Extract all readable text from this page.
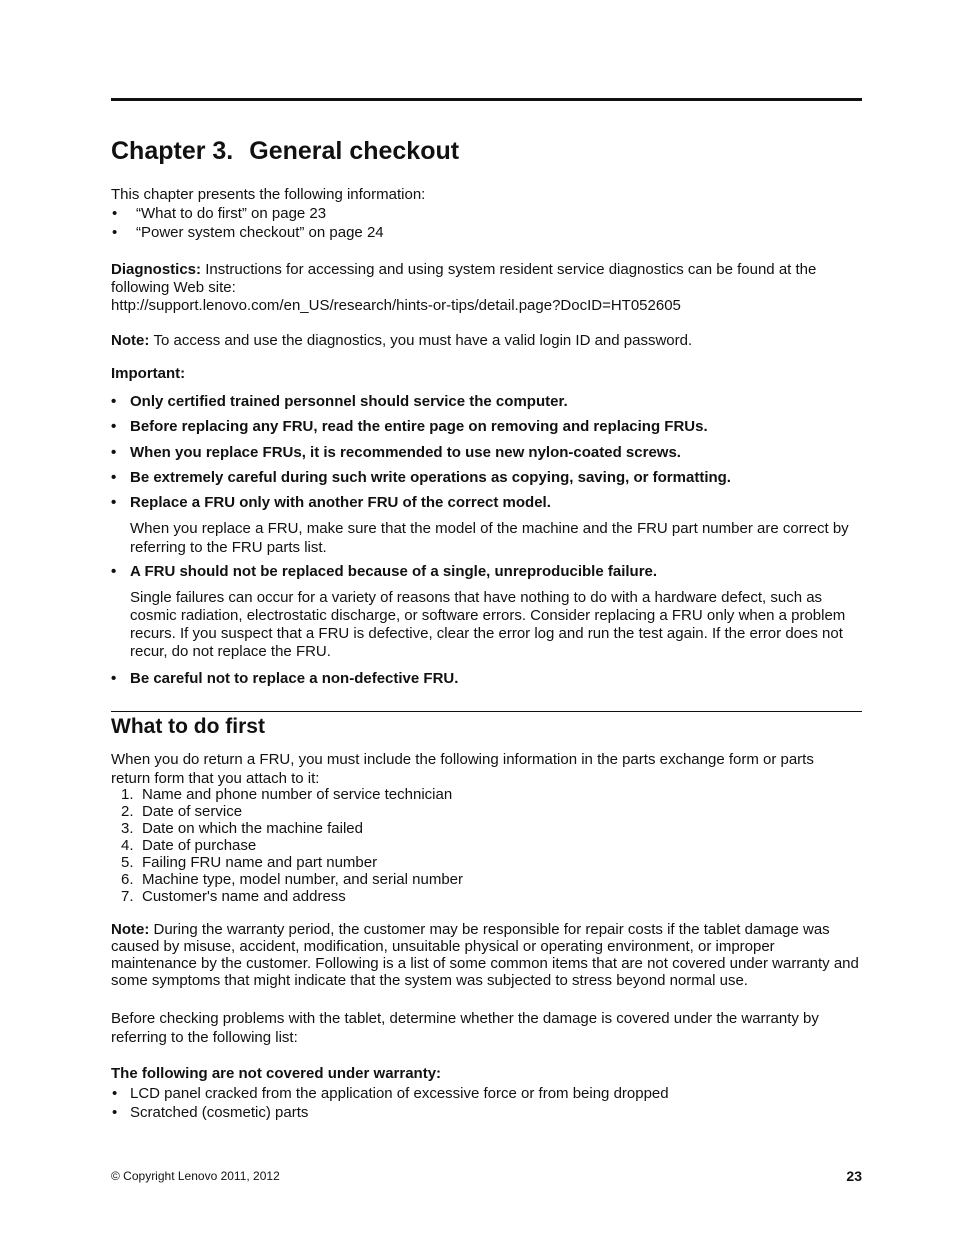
Chapter 3. General checkout

This chapter presents the following information:

• “What to do first” on page 23
• “Power system checkout” on page 24

Diagnostics: Instructions for accessing and using system resident service diagnostics can be found at the following Web site:

http://support.lenovo.com/en_US/research/hints-or-tips/detail.page?DocID=HT052605

Note: To access and use the diagnostics, you must have a valid login ID and password.

Important:
• Only certified trained personnel should service the computer.
• Before replacing any FRU, read the entire page on removing and replacing FRUs.
• When you replace FRUs, it is recommended to use new nylon-coated screws.
• Be extremely careful during such write operations as copying, saving, or formatting.
• Replace a FRU only with another FRU of the correct model.
• A FRU should not be replaced because of a single, unreproducible failure.
• Be careful not to replace a non-defective FRU.

When you replace a FRU, make sure that the model of the machine and the FRU part number are correct by referring to the FRU parts list.

Single failures can occur for a variety of reasons that have nothing to do with a hardware defect, such as cosmic radiation, electrostatic discharge, or software errors. Consider replacing a FRU only when a problem recurs. If you suspect that a FRU is defective, clear the error log and run the test again. If the error does not recur, do not replace the FRU.

What to do first
When you do return a FRU, you must include the following information in the parts exchange form or parts return form that you attach to it:
1. Name and phone number of service technician
2. Date of service
3. Date on which the machine failed
4. Date of purchase
5. Failing FRU name and part number
6. Machine type, model number, and serial number
7. Customer's name and address

Note: During the warranty period, the customer may be responsible for repair costs if the tablet damage was caused by misuse, accident, modification, unsuitable physical or operating environment, or improper maintenance by the customer. Following is a list of some common items that are not covered under warranty and some symptoms that might indicate that the system was subjected to stress beyond normal use.

Before checking problems with the tablet, determine whether the damage is covered under the warranty by referring to the following list:
The following are not covered under warranty:
• LCD panel cracked from the application of excessive force or from being dropped
• Scratched (cosmetic) parts
© Copyright Lenovo 2011, 2012	23
